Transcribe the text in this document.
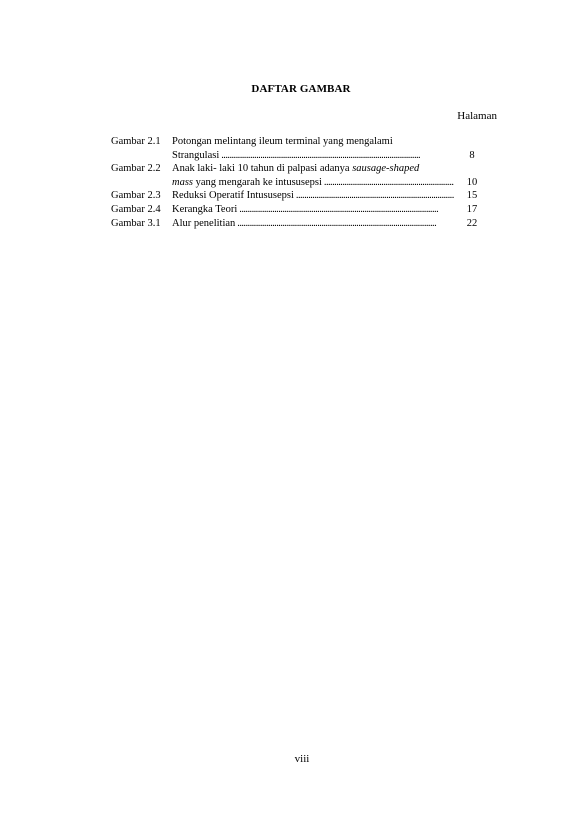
DAFTAR GAMBAR
Halaman
Gambar 2.1	Potongan melintang ileum terminal yang mengalami
Strangulasi . . .	8
Gambar 2.2	Anak laki- laki 10 tahun di palpasi adanya sausage-shaped
mass yang mengarah ke intususepsi . . .	10
Gambar 2.3	Reduksi Operatif Intususepsi . . .	15
Gambar 2.4	Kerangka Teori . . .	17
Gambar 3.1	Alur penelitian . . .	22
viii
